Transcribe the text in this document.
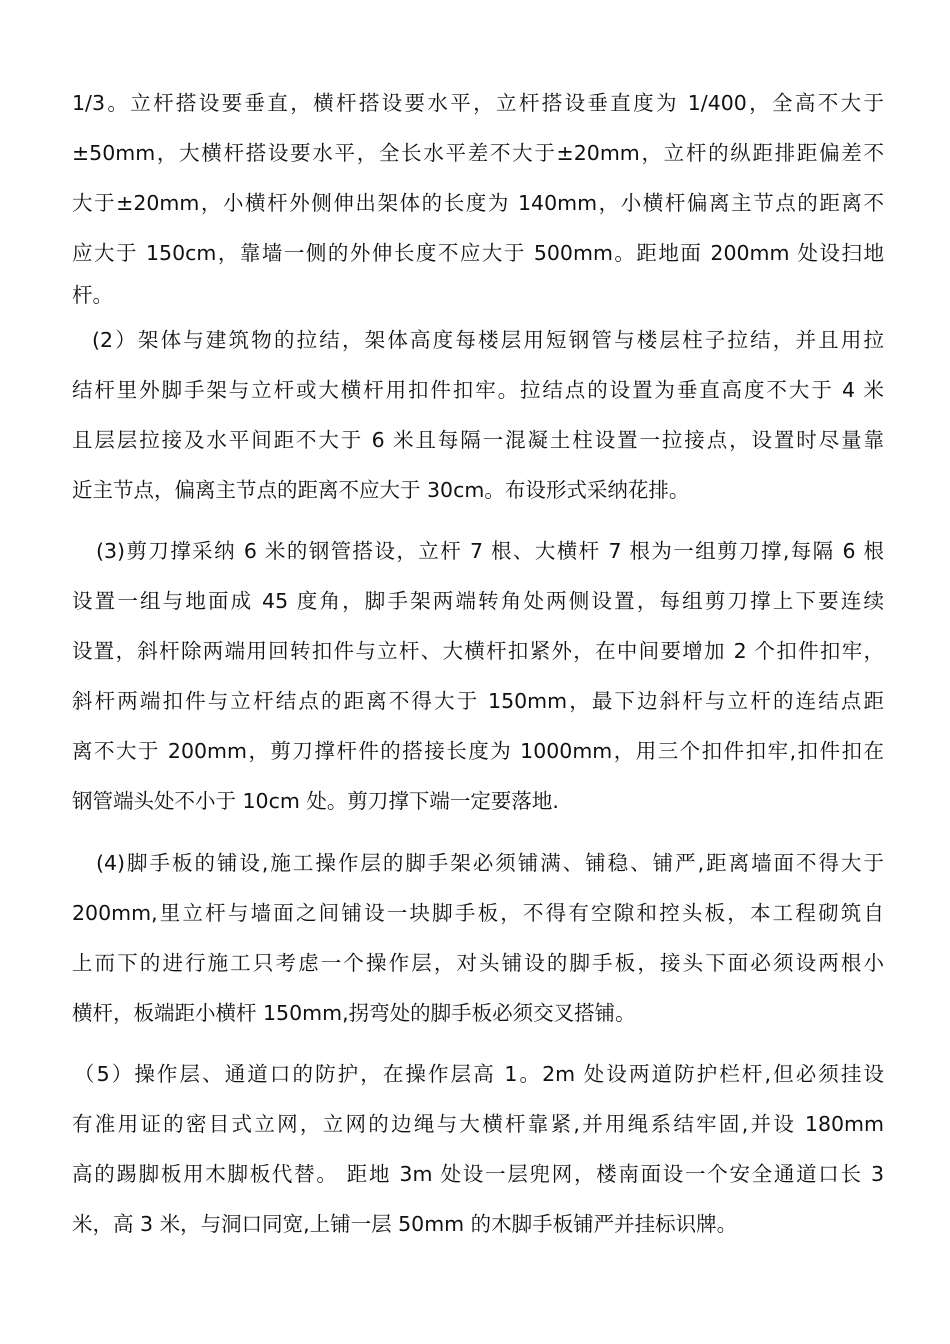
1/3。立杆搭设要垂直，横杆搭设要水平，立杆搭设垂直度为 1/400，全高不大于
±50mm，大横杆搭设要水平，全长水平差不大于±20mm，立杆的纵距排距偏差不
大于±20mm，小横杆外侧伸出架体的长度为 140mm，小横杆偏离主节点的距离不
应大于 150cm，靠墙一侧的外伸长度不应大于 500mm。距地面 200mm 处设扫地
杆。
(2）架体与建筑物的拉结，架体高度每楼层用短钢管与楼层柱子拉结，并且用拉
结杆里外脚手架与立杆或大横杆用扣件扣牢。拉结点的设置为垂直高度不大于 4 米
且层层拉接及水平间距不大于 6 米且每隔一混凝土柱设置一拉接点，设置时尽量靠
近主节点，偏离主节点的距离不应大于 30cm。布设形式采纳花排。
(3)剪刀撑采纳 6 米的钢管搭设，立杆 7 根、大横杆 7 根为一组剪刀撑,每隔 6 根
设置一组与地面成 45 度角，脚手架两端转角处两侧设置，每组剪刀撑上下要连续
设置，斜杆除两端用回转扣件与立杆、大横杆扣紧外，在中间要增加 2 个扣件扣牢，
斜杆两端扣件与立杆结点的距离不得大于 150mm，最下边斜杆与立杆的连结点距
离不大于 200mm，剪刀撑杆件的搭接长度为 1000mm，用三个扣件扣牢,扣件扣在
钢管端头处不小于 10cm 处。剪刀撑下端一定要落地.
(4)脚手板的铺设,施工操作层的脚手架必须铺满、铺稳、铺严,距离墙面不得大于
200mm,里立杆与墙面之间铺设一块脚手板，不得有空隙和控头板，本工程砌筑自
上而下的进行施工只考虑一个操作层，对头铺设的脚手板，接头下面必须设两根小
横杆，板端距小横杆 150mm,拐弯处的脚手板必须交叉搭铺。
（5）操作层、通道口的防护，在操作层高 1。2m 处设两道防护栏杆,但必须挂设
有准用证的密目式立网，立网的边绳与大横杆靠紧,并用绳系结牢固,并设 180mm
高的踢脚板用木脚板代替。 距地 3m 处设一层兜网，楼南面设一个安全通道口长 3
米，高 3 米，与洞口同宽,上铺一层 50mm 的木脚手板铺严并挂标识牌。
